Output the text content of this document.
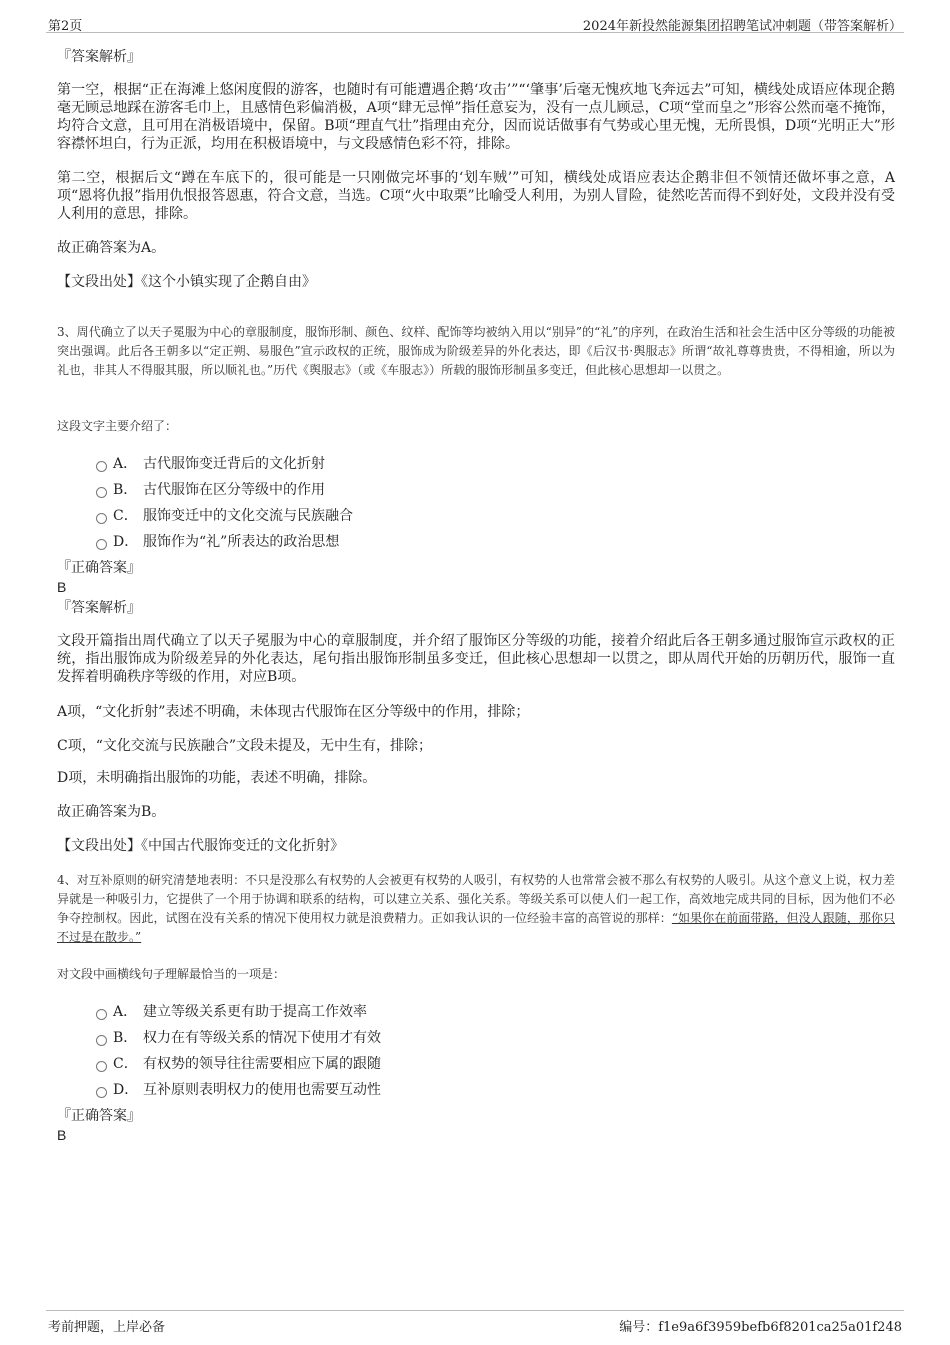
第2页	2024年新投然能源集团招聘笔试冲刺题（带答案解析）
『答案解析』
第一空，根据“正在海滩上悠闲度假的游客，也随时有可能遭遇企鹅‘攻击’”“‘肇事’后毫无愧疚地飞奔远去”可知，横线处成语应体现企鹅毫无顾忌地踩在游客毛巾上，且感情色彩偏消极，A项“肆无忌惮”指任意妄为，没有一点儿顾忌，C项“堂而皇之”形容公然而毫不掩饰，均符合文意，且可用在消极语境中，保留。B项“理直气壮”指理由充分，因而说话做事有气势或心里无愧，无所畏惧，D项“光明正大”形容襟怀坦白，行为正派，均用在积极语境中，与文段感情色彩不符，排除。
第二空，根据后文“蹲在车底下的，很可能是一只刚做完坏事的‘划车贼’”可知，横线处成语应表达企鹅非但不领情还做坏事之意，A项“恩将仇报”指用仇恨报答恩惠，符合文意，当选。C项“火中取栗”比喻受人利用，为别人冒险，徒然吃苦而得不到好处，文段并没有受人利用的意思，排除。
故正确答案为A。
【文段出处】《这个小镇实现了企鹅自由》
3、周代确立了以天子冕服为中心的章服制度，服饰形制、颜色、纹样、配饰等均被纳入用以“别异”的“礼”的序列，在政治生活和社会生活中区分等级的功能被突出强调。此后各王朝多以“定正朔、易服色”宣示政权的正统，服饰成为阶级差异的外化表达，即《后汉书·舆服志》所谓“故礼尊尊贵贵，不得相逾，所以为礼也，非其人不得服其服，所以顺礼也。”历代《舆服志》（或《车服志》）所载的服饰形制虽多变迁，但此核心思想却一以贯之。
这段文字主要介绍了：
A． 古代服饰变迁背后的文化折射
B． 古代服饰在区分等级中的作用
C． 服饰变迁中的文化交流与民族融合
D． 服饰作为“礼”所表达的政治思想
『正确答案』
B
『答案解析』
文段开篇指出周代确立了以天子冕服为中心的章服制度，并介绍了服饰区分等级的功能，接着介绍此后各王朝多通过服饰宣示政权的正统，指出服饰成为阶级差异的外化表达，尾句指出服饰形制虽多变迁，但此核心思想却一以贯之，即从周代开始的历朝历代，服饰一直发挥着明确秩序等级的作用，对应B项。
A项，“文化折射”表述不明确，未体现古代服饰在区分等级中的作用，排除；
C项，“文化交流与民族融合”文段未提及，无中生有，排除；
D项，未明确指出服饰的功能，表述不明确，排除。
故正确答案为B。
【文段出处】《中国古代服饰变迁的文化折射》
4、对互补原则的研究清楚地表明：不只是没那么有权势的人会被更有权势的人吸引，有权势的人也常常会被不那么有权势的人吸引。从这个意义上说，权力差异就是一种吸引力，它提供了一个用于协调和联系的结构，可以建立关系、强化关系。等级关系可以使人们一起工作，高效地完成共同的目标，因为他们不必争夺控制权。因此，试图在没有关系的情况下使用权力就是浪费精力。正如我认识的一位经验丰富的高管说的那样：“如果你在前面带路，但没人跟随，那你只不过是在散步。”
对文段中画横线句子理解最恰当的一项是：
A． 建立等级关系更有助于提高工作效率
B． 权力在有等级关系的情况下使用才有效
C． 有权势的领导往往需要相应下属的跟随
D． 互补原则表明权力的使用也需要互动性
『正确答案』
B
考前押题，上岸必备	编号：f1e9a6f3959befb6f8201ca25a01f248
